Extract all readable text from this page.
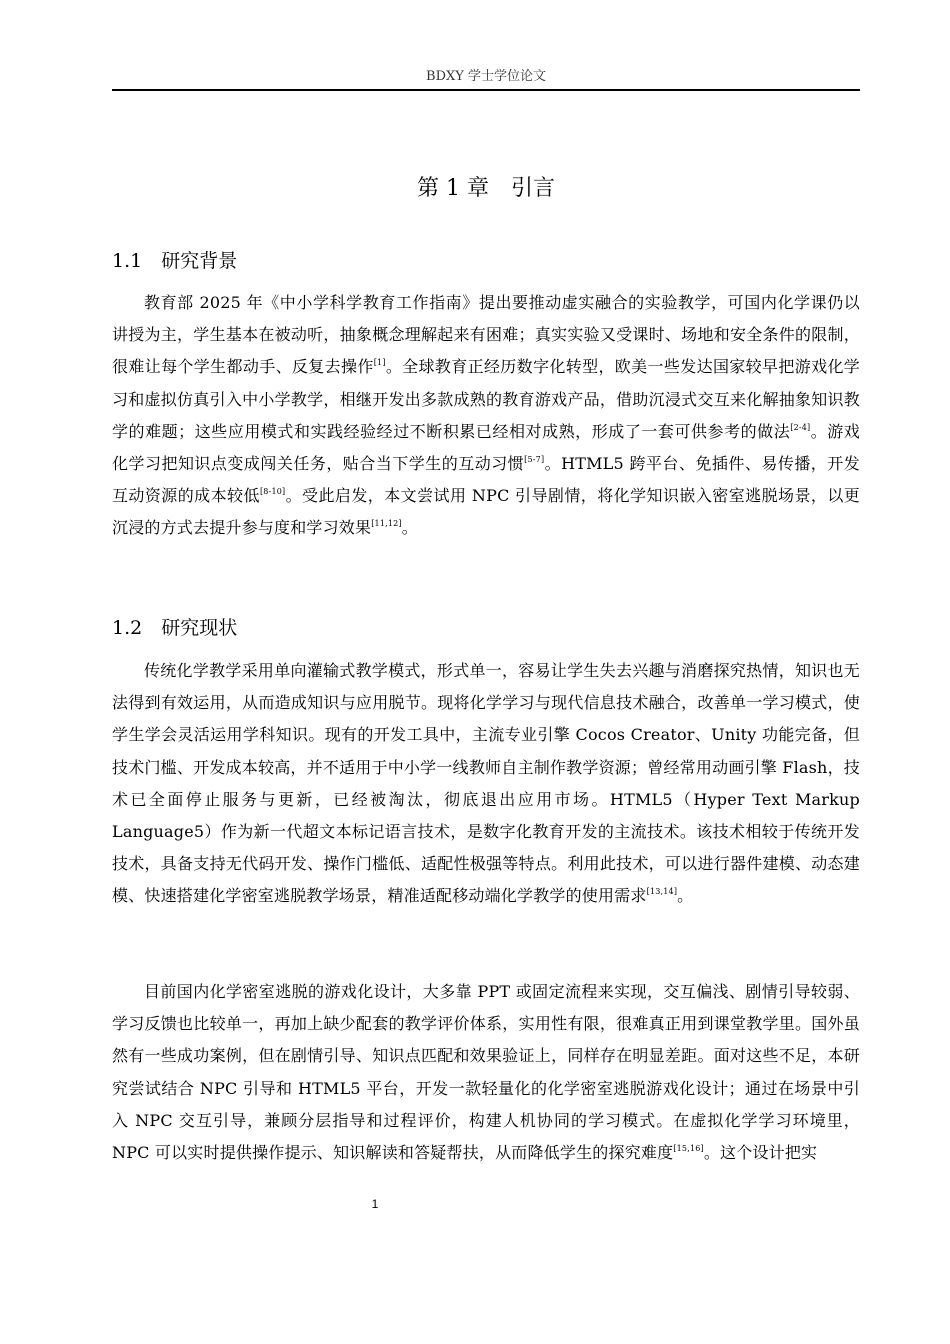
BDXY 学士学位论文
第 1 章　引言
1.1　研究背景

教育部 2025 年《中小学科学教育工作指南》提出要推动虚实融合的实验教学，可国内化学课仍以讲授为主，学生基本在被动听，抽象概念理解起来有困难；真实实验又受课时、场地和安全条件的限制，很难让每个学生都动手、反复去操作[1]。全球教育正经历数字化转型，欧美一些发达国家较早把游戏化学习和虚拟仿真引入中小学教学，相继开发出多款成熟的教育游戏产品，借助沉浸式交互来化解抽象知识教学的难题；这些应用模式和实践经验经过不断积累已经相对成熟，形成了一套可供参考的做法[2-4]。游戏化学习把知识点变成闯关任务，贴合当下学生的互动习惯[5-7]。HTML5 跨平台、免插件、易传播，开发互动资源的成本较低[8-10]。受此启发，本文尝试用 NPC 引导剧情，将化学知识嵌入密室逃脱场景，以更沉浸的方式去提升参与度和学习效果[11,12]。

1.2　研究现状

传统化学教学采用单向灌输式教学模式，形式单一，容易让学生失去兴趣与消磨探究热情，知识也无法得到有效运用，从而造成知识与应用脱节。现将化学学习与现代信息技术融合，改善单一学习模式，使学生学会灵活运用学科知识。现有的开发工具中，主流专业引擎 Cocos Creator、Unity 功能完备，但技术门槛、开发成本较高，并不适用于中小学一线教师自主制作教学资源；曾经常用动画引擎 Flash，技术已全面停止服务与更新，已经被淘汰，彻底退出应用市场。HTML5（Hyper Text Markup Language5）作为新一代超文本标记语言技术，是数字化教育开发的主流技术。该技术相较于传统开发技术，具备支持无代码开发、操作门槛低、适配性极强等特点。利用此技术，可以进行器件建模、动态建模、快速搭建化学密室逃脱教学场景，精准适配移动端化学教学的使用需求[13,14]。

目前国内化学密室逃脱的游戏化设计，大多靠 PPT 或固定流程来实现，交互偏浅、剧情引导较弱、学习反馈也比较单一，再加上缺少配套的教学评价体系，实用性有限，很难真正用到课堂教学里。国外虽然有一些成功案例，但在剧情引导、知识点匹配和效果验证上，同样存在明显差距。面对这些不足，本研究尝试结合 NPC 引导和 HTML5 平台，开发一款轻量化的化学密室逃脱游戏化设计；通过在场景中引入 NPC 交互引导，兼顾分层指导和过程评价，构建人机协同的学习模式。在虚拟化学学习环境里，NPC 可以实时提供操作提示、知识解读和答疑帮扶，从而降低学生的探究难度[15,16]。这个设计把实

1
